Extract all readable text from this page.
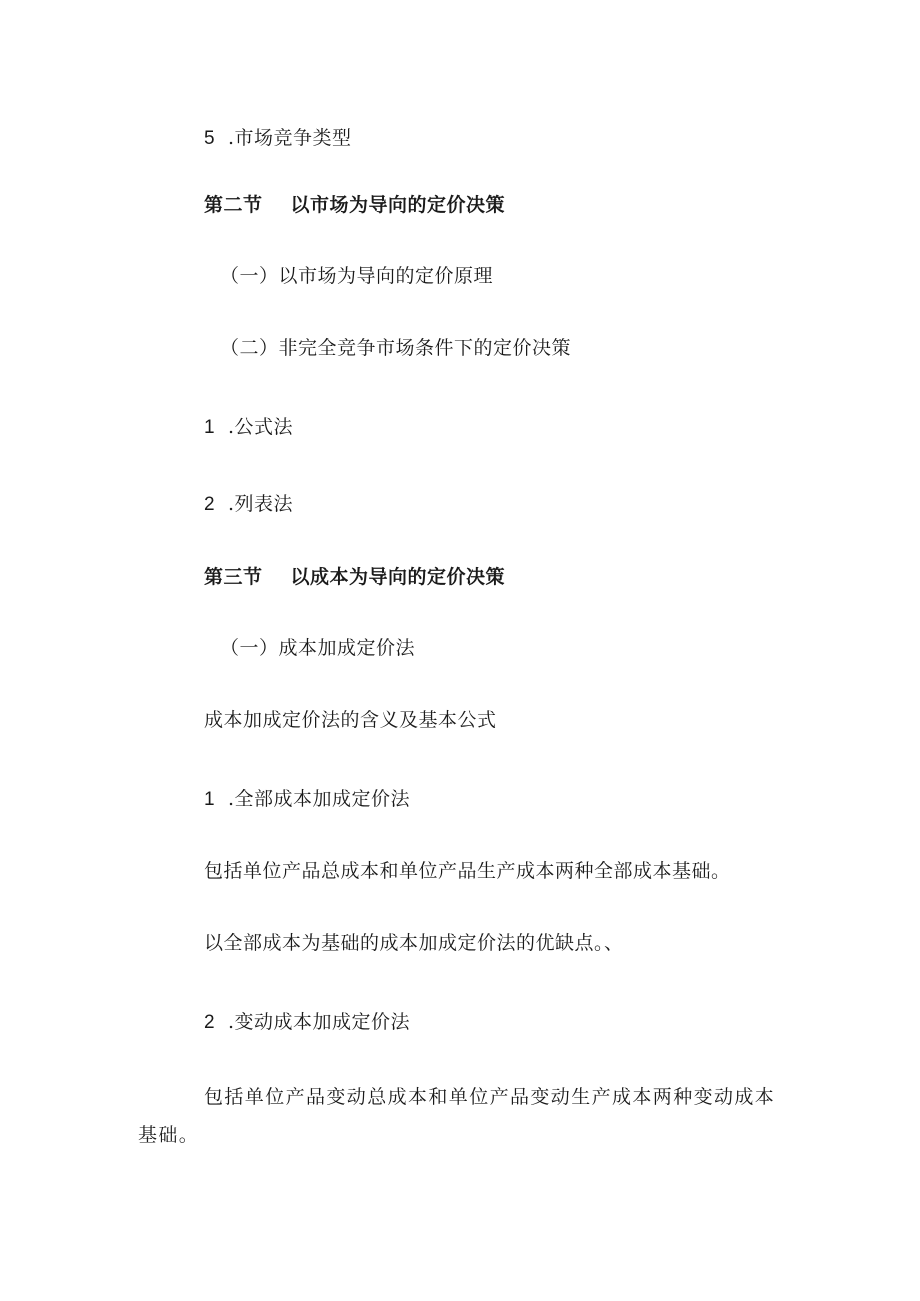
5 .市场竞争类型
第二节 以市场为导向的定价决策
（一）以市场为导向的定价原理
（二）非完全竞争市场条件下的定价决策
1 .公式法
2 .列表法
第三节 以成本为导向的定价决策
（一）成本加成定价法
成本加成定价法的含义及基本公式
1 .全部成本加成定价法
包括单位产品总成本和单位产品生产成本两种全部成本基础。
以全部成本为基础的成本加成定价法的优缺点。、
2 .变动成本加成定价法

包括单位产品变动总成本和单位产品变动生产成本两种变动成本基础。
